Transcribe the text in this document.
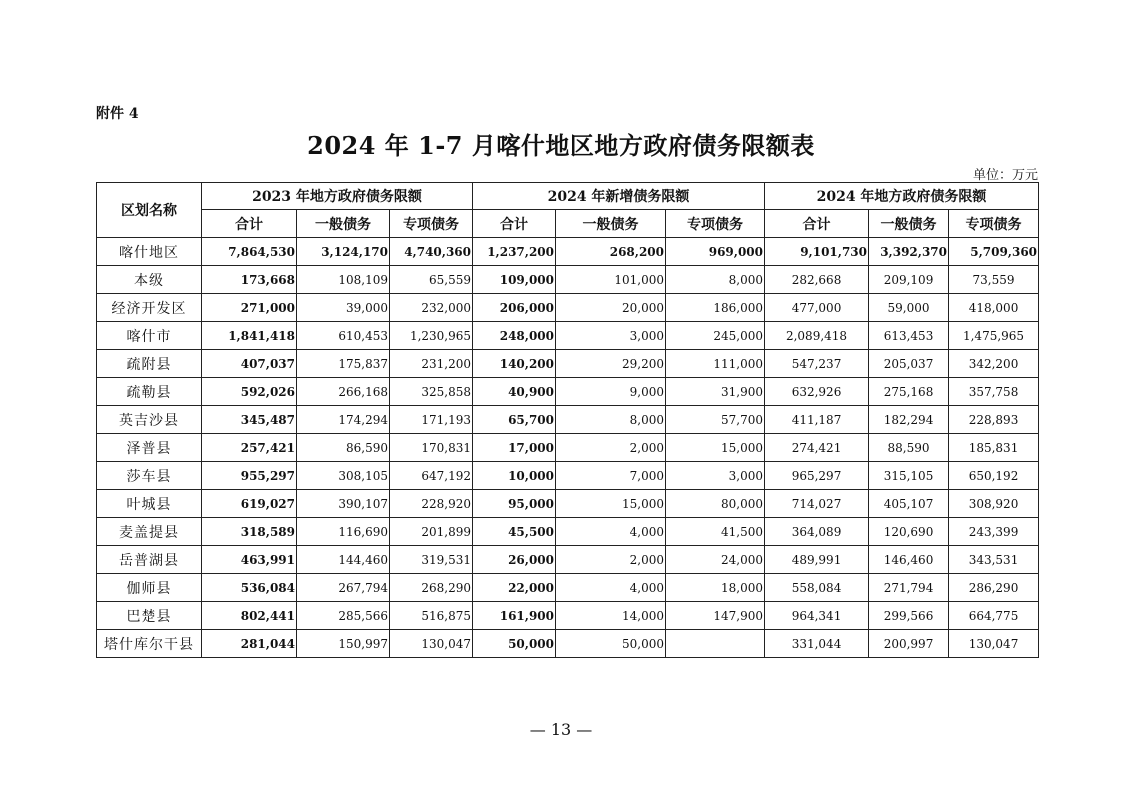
附件 4
2024 年 1-7 月喀什地区地方政府债务限额表
单位：万元
区划名称	2023 年地方政府债务限额			2024 年新增债务限额			2024 年地方政府债务限额		
	合计	一般债务	专项债务	合计	一般债务	专项债务	合计	一般债务	专项债务
喀什地区	7,864,530	3,124,170	4,740,360	1,237,200	268,200	969,000	9,101,730	3,392,370	5,709,360
本级	173,668	108,109	65,559	109,000	101,000	8,000	282,668	209,109	73,559
经济开发区	271,000	39,000	232,000	206,000	20,000	186,000	477,000	59,000	418,000
喀什市	1,841,418	610,453	1,230,965	248,000	3,000	245,000	2,089,418	613,453	1,475,965
疏附县	407,037	175,837	231,200	140,200	29,200	111,000	547,237	205,037	342,200
疏勒县	592,026	266,168	325,858	40,900	9,000	31,900	632,926	275,168	357,758
英吉沙县	345,487	174,294	171,193	65,700	8,000	57,700	411,187	182,294	228,893
泽普县	257,421	86,590	170,831	17,000	2,000	15,000	274,421	88,590	185,831
莎车县	955,297	308,105	647,192	10,000	7,000	3,000	965,297	315,105	650,192
叶城县	619,027	390,107	228,920	95,000	15,000	80,000	714,027	405,107	308,920
麦盖提县	318,589	116,690	201,899	45,500	4,000	41,500	364,089	120,690	243,399
岳普湖县	463,991	144,460	319,531	26,000	2,000	24,000	489,991	146,460	343,531
伽师县	536,084	267,794	268,290	22,000	4,000	18,000	558,084	271,794	286,290
巴楚县	802,441	285,566	516,875	161,900	14,000	147,900	964,341	299,566	664,775
塔什库尔干县	281,044	150,997	130,047	50,000	50,000		331,044	200,997	130,047
— 13 —
